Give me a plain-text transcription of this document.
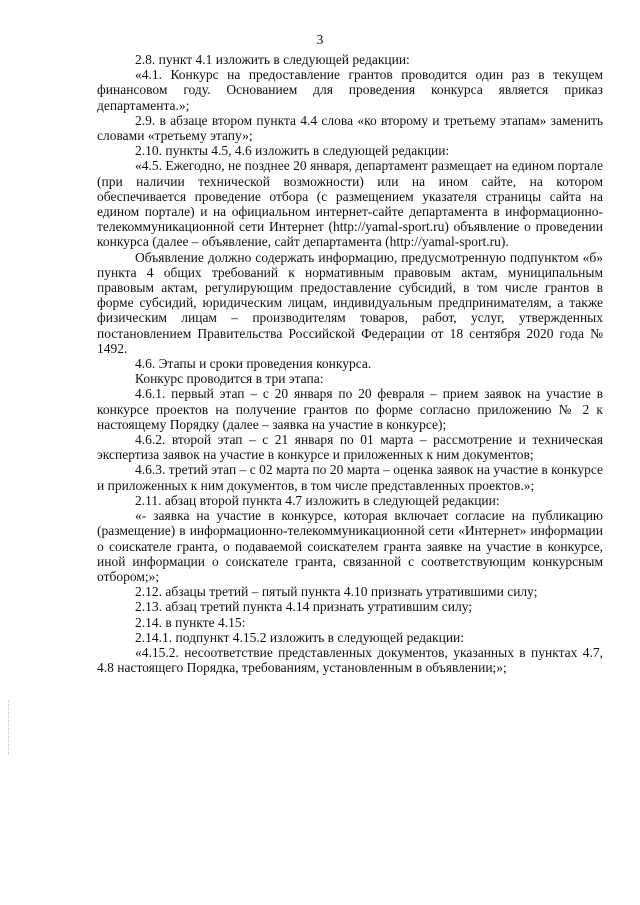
3

2.8. пункт 4.1 изложить в следующей редакции:

«4.1. Конкурс на предоставление грантов проводится один раз в текущем финансовом году. Основанием для проведения конкурса является приказ департамента.»;

2.9. в абзаце втором пункта 4.4 слова «ко второму и третьему этапам» заменить словами «третьему этапу»;

2.10. пункты 4.5, 4.6 изложить в следующей редакции:

«4.5. Ежегодно, не позднее 20 января, департамент размещает на едином портале (при наличии технической возможности) или на ином сайте, на котором обеспечивается проведение отбора (с размещением указателя страницы сайта на едином портале) и на официальном интернет-сайте департамента в информационно-телекоммуникационной сети Интернет (http://yamal-sport.ru) объявление о проведении конкурса (далее – объявление, сайт департамента (http://yamal-sport.ru).

Объявление должно содержать информацию, предусмотренную подпунктом «б» пункта 4 общих требований к нормативным правовым актам, муниципальным правовым актам, регулирующим предоставление субсидий, в том числе грантов в форме субсидий, юридическим лицам, индивидуальным предпринимателям, а также физическим лицам – производителям товаров, работ, услуг, утвержденных постановлением Правительства Российской Федерации от 18 сентября 2020 года № 1492.

4.6. Этапы и сроки проведения конкурса.

Конкурс проводится в три этапа:

4.6.1. первый этап – с 20 января по 20 февраля – прием заявок на участие в конкурсе проектов на получение грантов по форме согласно приложению № 2 к настоящему Порядку (далее – заявка на участие в конкурсе);

4.6.2. второй этап – с 21 января по 01 марта – рассмотрение и техническая экспертиза заявок на участие в конкурсе и приложенных к ним документов;

4.6.3. третий этап – с 02 марта по 20 марта – оценка заявок на участие в конкурсе и приложенных к ним документов, в том числе представленных проектов.»;

2.11. абзац второй пункта 4.7 изложить в следующей редакции:

«- заявка на участие в конкурсе, которая включает согласие на публикацию (размещение) в информационно-телекоммуникационной сети «Интернет» информации о соискателе гранта, о подаваемой соискателем гранта заявке на участие в конкурсе, иной информации о соискателе гранта, связанной с соответствующим конкурсным отбором;»;

2.12. абзацы третий – пятый пункта 4.10 признать утратившими силу;

2.13. абзац третий пункта 4.14 признать утратившим силу;

2.14. в пункте 4.15:

2.14.1. подпункт 4.15.2 изложить в следующей редакции:

«4.15.2. несоответствие представленных документов, указанных в пунктах 4.7, 4.8 настоящего Порядка, требованиям, установленным в объявлении;»;
